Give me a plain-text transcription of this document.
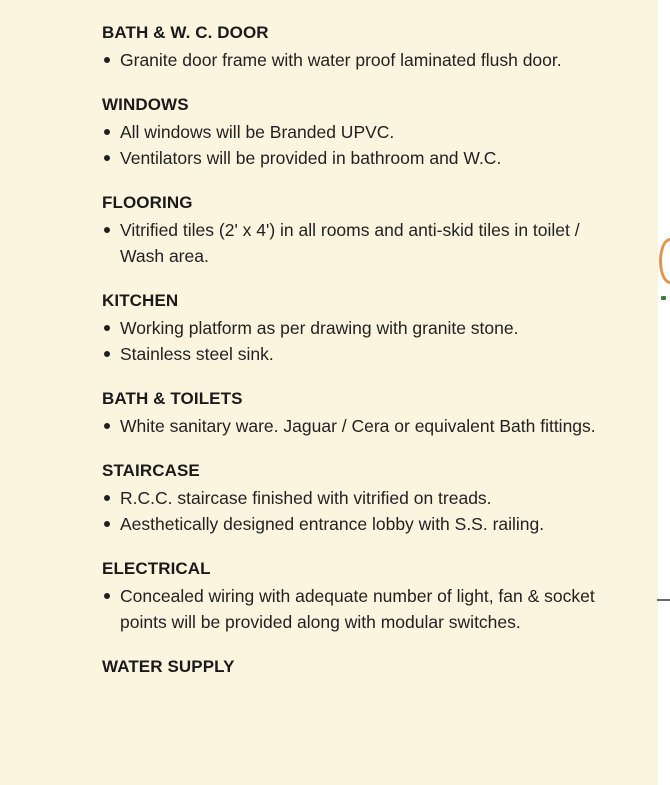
BATH & W. C. DOOR
Granite door frame with water proof laminated flush door.
WINDOWS
All windows will be Branded UPVC.
Ventilators will be provided in bathroom and W.C.
FLOORING
Vitrified tiles (2' x 4') in all rooms and anti-skid tiles in toilet / Wash area.
KITCHEN
Working platform as per drawing with granite stone.
Stainless steel sink.
BATH & TOILETS
White sanitary ware. Jaguar / Cera or equivalent Bath fittings.
STAIRCASE
R.C.C. staircase finished with vitrified on treads.
Aesthetically designed entrance lobby with S.S. railing.
ELECTRICAL
Concealed wiring with adequate number of light, fan & socket points will be provided along with modular switches.
WATER SUPPLY
